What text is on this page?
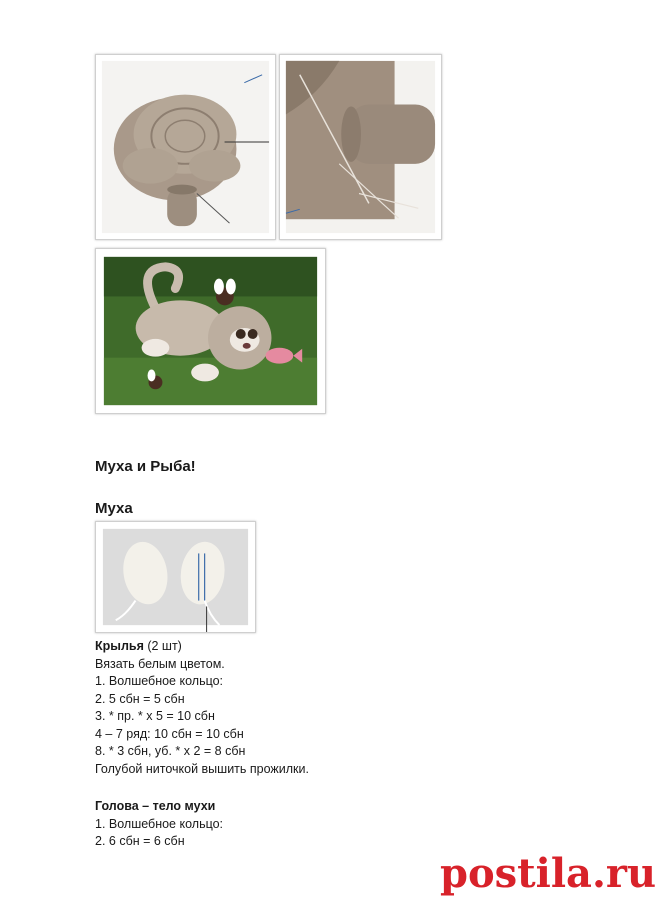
Муха и Рыба!
Муха
Крылья (2 шт)
Вязать белым цветом.
1. Волшебное кольцо:
2. 5 сбн = 5 сбн
3. * пр. * х 5 = 10 сбн
4 – 7 ряд: 10 сбн = 10 сбн
8. * 3 сбн, уб. * х 2 = 8 сбн
Голубой ниточкой вышить прожилки.
Голова – тело мухи
1. Волшебное кольцо:
2. 6 сбн = 6 сбн
postila.ru
